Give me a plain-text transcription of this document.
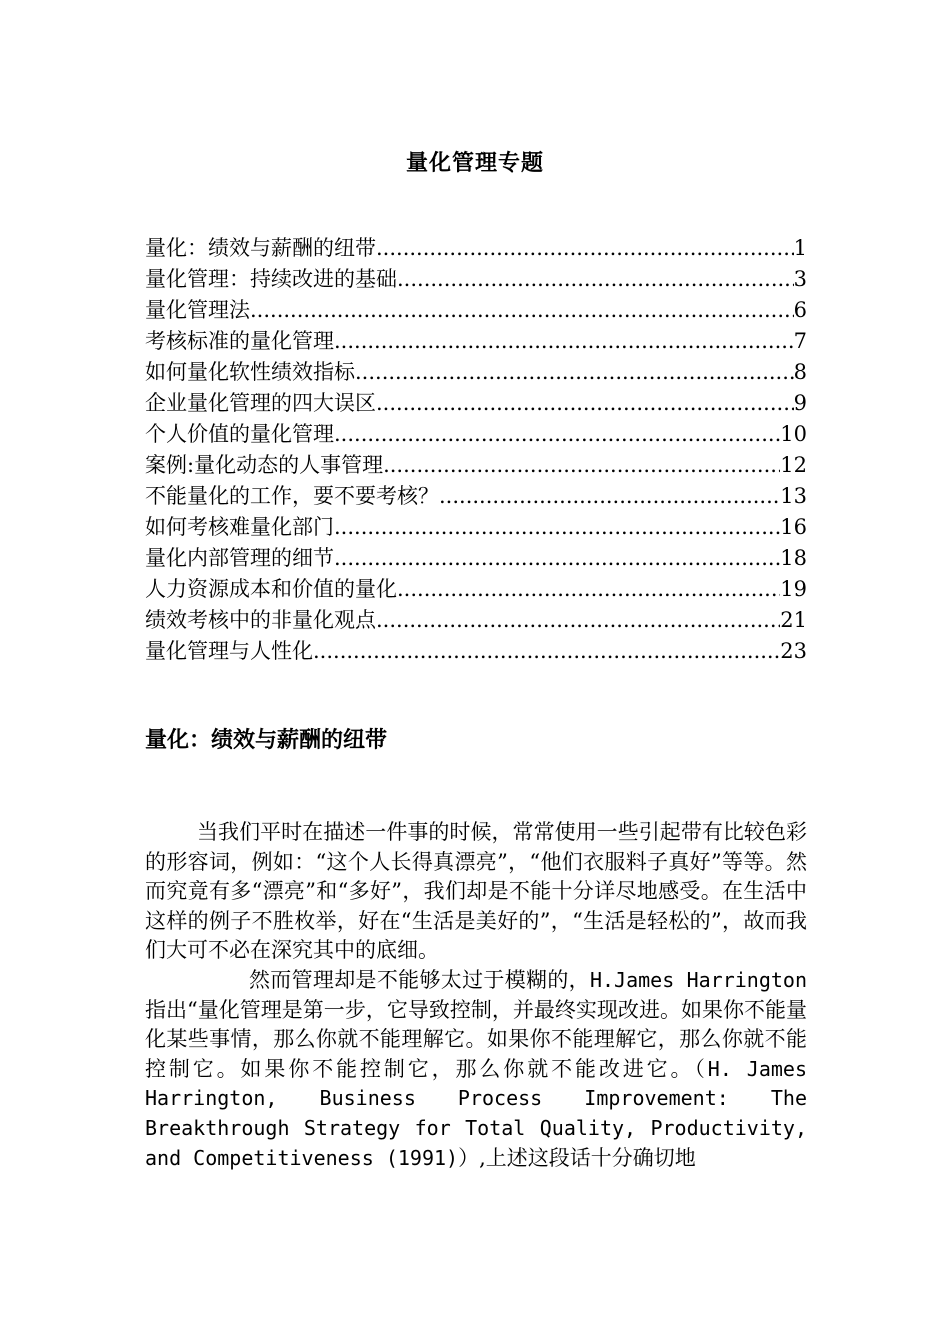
量化管理专题
量化：绩效与薪酬的纽带 .....	1
量化管理：持续改进的基础 .....	3
量化管理法 .....	6
考核标准的量化管理 .....	7
如何量化软性绩效指标 .....	8
企业量化管理的四大误区 .....	9
个人价值的量化管理 .....	10
案例:量化动态的人事管理 .....	12
不能量化的工作，要不要考核？ .....	13
如何考核难量化部门 .....	16
量化内部管理的细节 .....	18
人力资源成本和价值的量化 .....	19
绩效考核中的非量化观点 .....	21
量化管理与人性化 .....	23
量化：绩效与薪酬的纽带

当我们平时在描述一件事的时候，常常使用一些引起带有比较色彩的形容词，例如：“这个人长得真漂亮”，“他们衣服料子真好”等等。然而究竟有多“漂亮”和“多好”，我们却是不能十分详尽地感受。在生活中这样的例子不胜枚举，好在“生活是美好的”，“生活是轻松的”，故而我们大可不必在深究其中的底细。

然而管理却是不能够太过于模糊的，H.James Harrington指出“量化管理是第一步，它导致控制，并最终实现改进。如果你不能量化某些事情，那么你就不能理解它。如果你不能理解它，那么你就不能控制它。如果你不能控制它，那么你就不能改进它。（H. James Harrington, Business Process Improvement: The Breakthrough Strategy for Total Quality, Productivity, and Competitiveness (1991)）,上述这段话十分确切地
